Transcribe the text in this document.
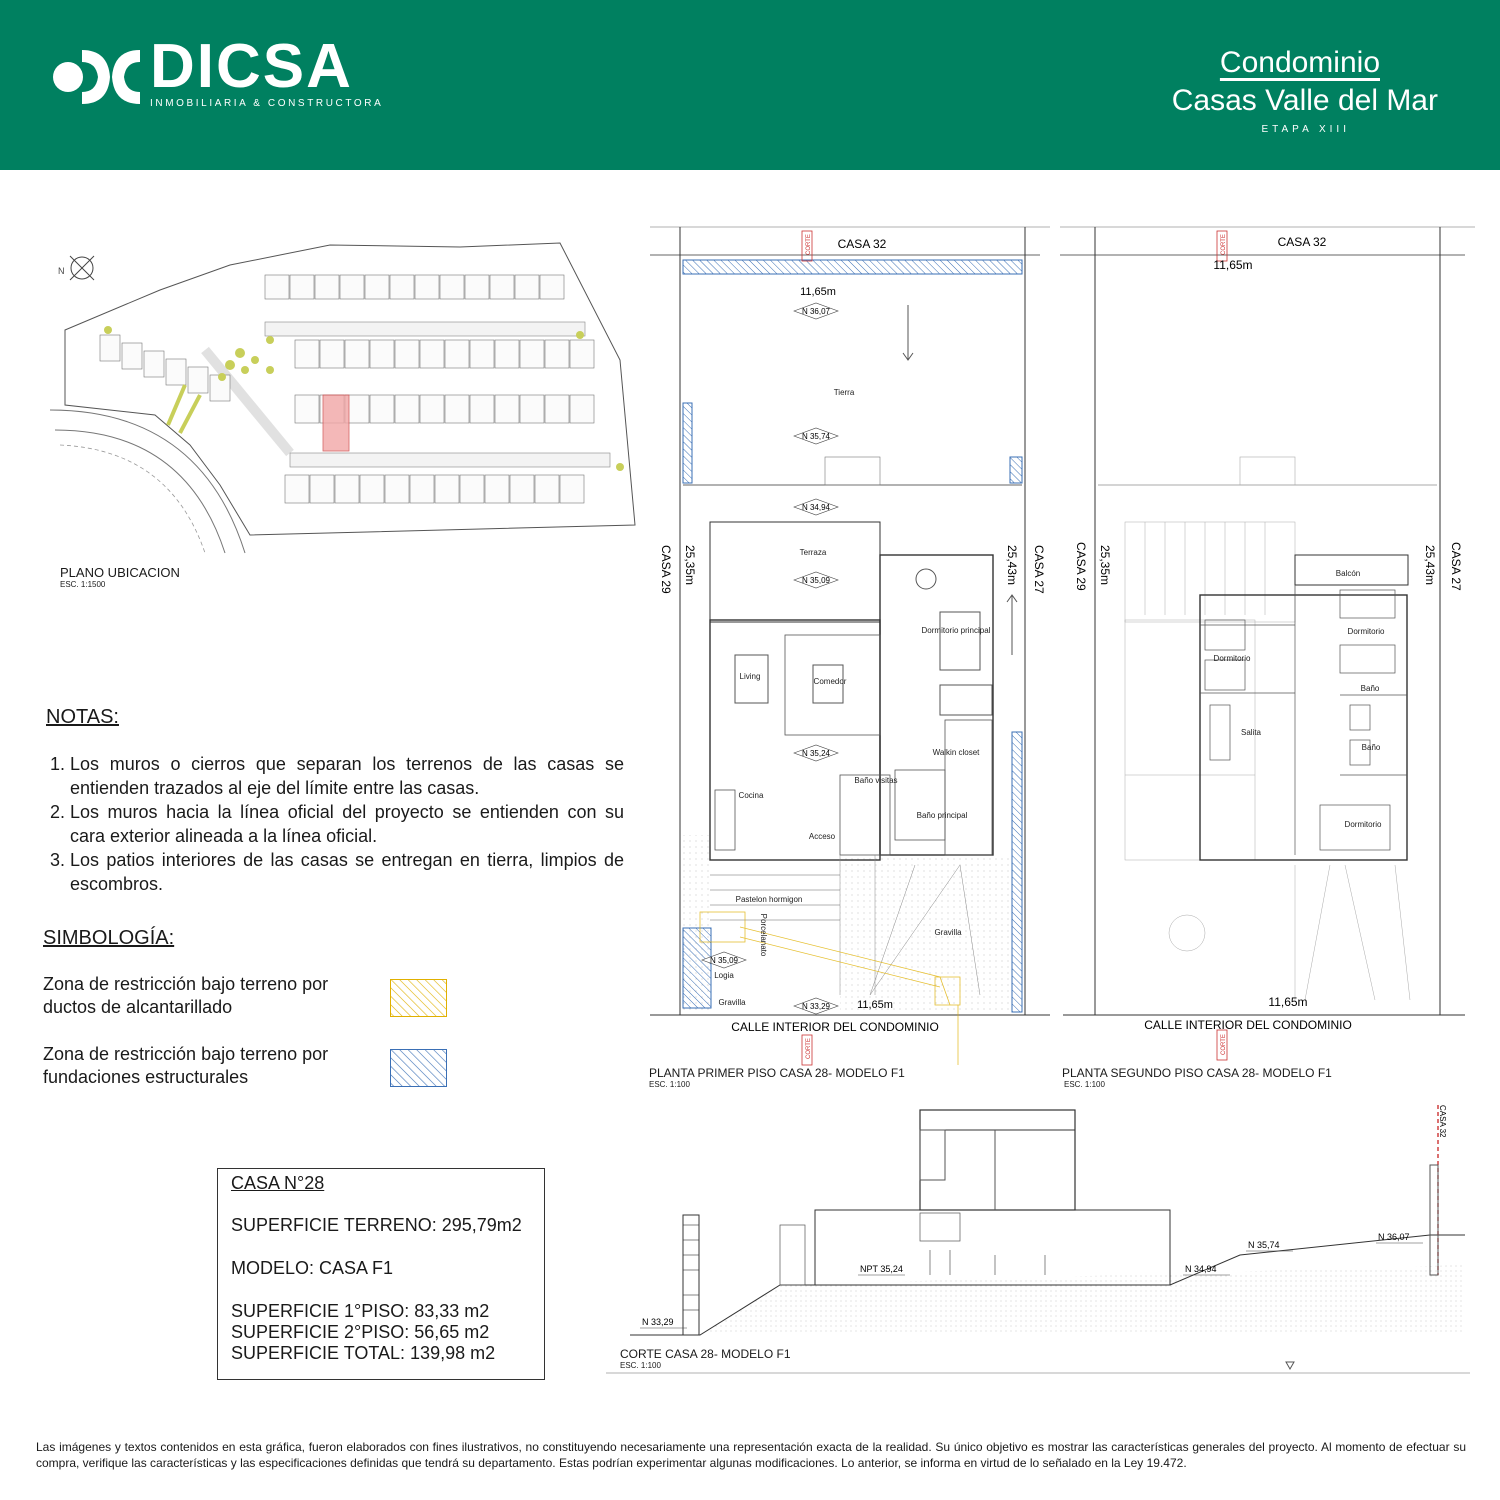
DICSA
INMOBILIARIA & CONSTRUCTORA
Condominio
Casas Valle del Mar
ETAPA XIII
N
PLANO UBICACION
ESC. 1:1500
NOTAS:
1. Los muros o cierros que separan los terrenos de las casas se entienden trazados al eje del límite entre las casas.
2. Los muros hacia la línea oficial del proyecto se entienden con su cara exterior alineada a la línea oficial.
3. Los patios interiores de las casas se entregan en tierra, limpios de escombros.
SIMBOLOGÍA:
Zona de restricción bajo terreno por ductos de alcantarillado
Zona de restricción bajo terreno por fundaciones estructurales
CASA N°28
SUPERFICIE TERRENO: 295,79m2
MODELO: CASA F1
SUPERFICIE 1°PISO: 83,33 m2
SUPERFICIE 2°PISO: 56,65 m2
SUPERFICIE TOTAL: 139,98 m2
CORTE
CORTE
CASA 32
11,65m
11,65m
CALLE INTERIOR DEL CONDOMINIO
CASA 29 25,35m	CASA 27
25,43m
N 36,07
N 35,74
N 34,94
N 35,09
N 35,24
N 35,09
N 33,29
Tierra
Terraza
Living
Comedor
Dormitorio principal
Walkin closet
Cocina
Baño visitas
Baño principal
Acceso
Pastelon hormigon
Porcelanato
Logia
Gravilla
Gravilla
PLANTA PRIMER PISO CASA 28- MODELO F1
ESC. 1:100
CORTE
CORTE
CASA 32
11,65m
11,65m
CALLE INTERIOR DEL CONDOMINIO
CASA 29 25,35m	CASA 27
25,43m
Balcón
Dormitorio
Dormitorio
Dormitorio
Salita
Baño
Baño
PLANTA SEGUNDO PISO CASA 28- MODELO F1
ESC. 1:100
CASA 32
N 33,29
NPT 35,24	N 34,94
N 35,74
N 36,07
CORTE CASA 28- MODELO F1
ESC. 1:100
Las imágenes y textos contenidos en esta gráfica, fueron elaborados con fines ilustrativos, no constituyendo necesariamente una representación exacta de la realidad. Su único objetivo es mostrar las características generales del proyecto. Al momento de efectuar su compra, verifique las características y las especificaciones definidas que tendrá su departamento. Estas podrían experimentar algunas modificaciones. Lo anterior, se informa en virtud de lo señalado en la Ley 19.472.
